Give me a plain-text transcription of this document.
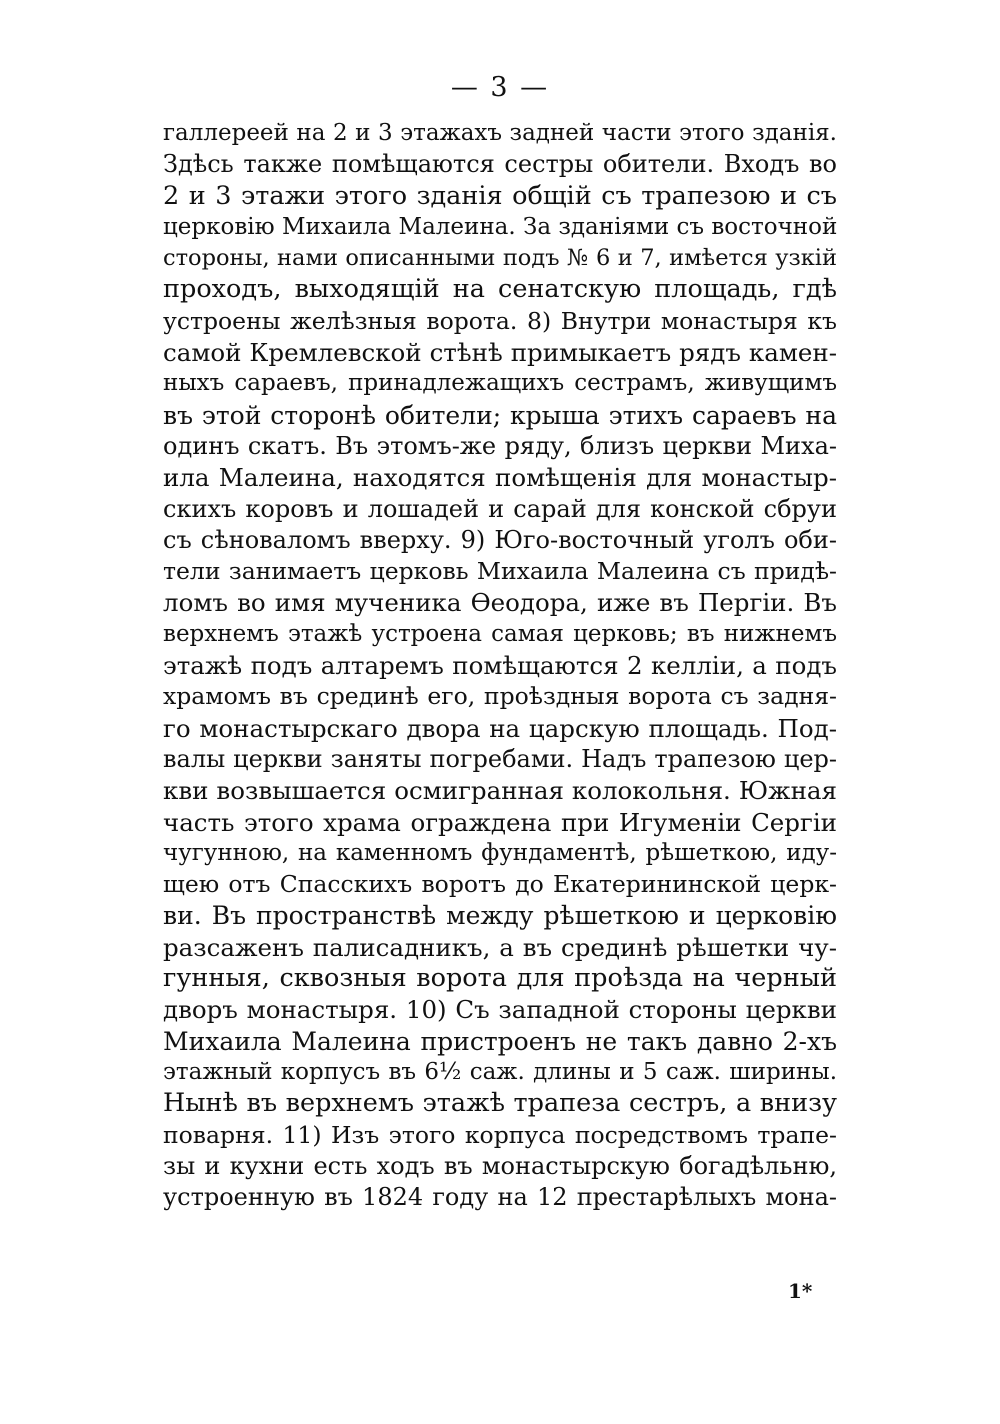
— 3 —
галлереей на 2 и 3 этажахъ задней части этого зданія.
Здѣсь также помѣщаются сестры обители. Входъ во
2 и 3 этажи этого зданія общій съ трапезою и съ
церковію Михаила Малеина. За зданіями съ восточной
стороны, нами описанными подъ № 6 и 7, имѣется узкій
проходъ, выходящій на сенатскую площадь, гдѣ
устроены желѣзныя ворота. 8) Внутри монастыря къ
самой Кремлевской стѣнѣ примыкаетъ рядъ камен-
ныхъ сараевъ, принадлежащихъ сестрамъ, живущимъ
въ этой сторонѣ обители; крыша этихъ сараевъ на
одинъ скатъ. Въ этомъ-же ряду, близъ церкви Миха-
ила Малеина, находятся помѣщенія для монастыр-
скихъ коровъ и лошадей и сарай для конской сбруи
съ сѣноваломъ вверху. 9) Юго-восточный уголъ оби-
тели занимаетъ церковь Михаила Малеина съ придѣ-
ломъ во имя мученика Ѳеодора, иже въ Пергіи. Въ
верхнемъ этажѣ устроена самая церковь; въ нижнемъ
этажѣ подъ алтаремъ помѣщаются 2 келліи, а подъ
храмомъ въ срединѣ его, проѣздныя ворота съ задня-
го монастырскаго двора на царскую площадь. Под-
валы церкви заняты погребами. Надъ трапезою цер-
кви возвышается осмигранная колокольня. Южная
часть этого храма ограждена при Игуменіи Сергіи
чугунною, на каменномъ фундаментѣ, рѣшеткою, иду-
щею отъ Спасскихъ воротъ до Екатерининской церк-
ви. Въ пространствѣ между рѣшеткою и церковію
разсаженъ палисадникъ, а въ срединѣ рѣшетки чу-
гунныя, сквозныя ворота для проѣзда на черный
дворъ монастыря. 10) Съ западной стороны церкви
Михаила Малеина пристроенъ не такъ давно 2-хъ
этажный корпусъ въ 6½ саж. длины и 5 саж. ширины.
Нынѣ въ верхнемъ этажѣ трапеза сестръ, а внизу
поварня. 11) Изъ этого корпуса посредствомъ трапе-
зы и кухни есть ходъ въ монастырскую богадѣльню,
устроенную въ 1824 году на 12 престарѣлыхъ мона-
1*
